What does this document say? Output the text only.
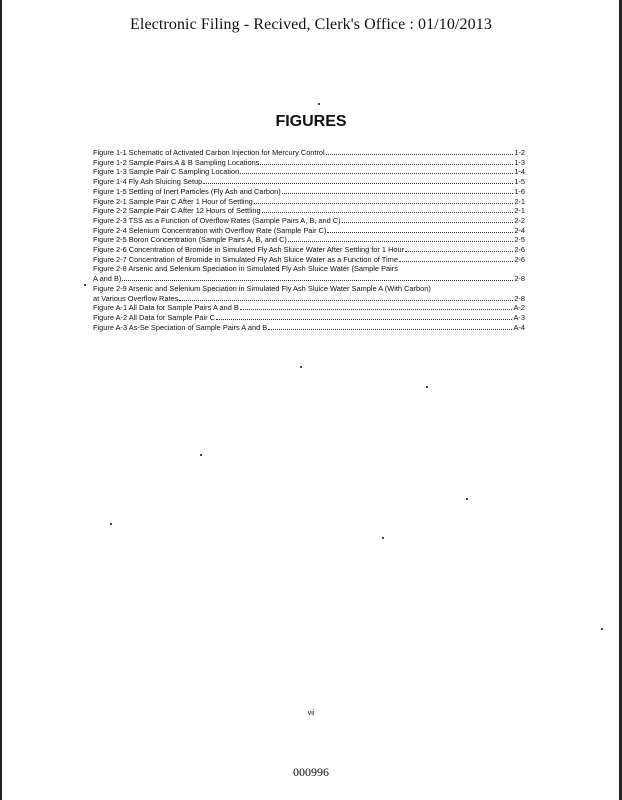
Electronic Filing - Recived, Clerk's Office : 01/10/2013
FIGURES
Figure 1-1 Schematic of Activated Carbon Injection for Mercury Control	1-2
Figure 1-2 Sample Pairs A & B Sampling Locations	1-3
Figure 1-3 Sample Pair C Sampling Location	1-4
Figure 1-4 Fly Ash Sluicing Setup	1-5
Figure 1-5 Settling of Inert Particles (Fly Ash and Carbon)	1-6
Figure 2-1 Sample Pair C After 1 Hour of Settling	2-1
Figure 2-2 Sample Pair C After 12 Hours of Settling	2-1
Figure 2-3 TSS as a Function of Overflow Rates (Sample Pairs A, B, and C)	2-2
Figure 2-4 Selenium Concentration with Overflow Rate (Sample Pair C)	2-4
Figure 2-5 Boron Concentration (Sample Pairs A, B, and C)	2-5
Figure 2-6 Concentration of Bromide in Simulated Fly Ash Sluice Water After Settling for 1 Hour	2-6
Figure 2-7 Concentration of Bromide in Simulated Fly Ash Sluice Water as a Function of Time	2-6
Figure 2-8 Arsenic and Selenium Speciation in Simulated Fly Ash Sluice Water (Sample Pairs
A and B)	2-8
Figure 2-9 Arsenic and Selenium Speciation in Simulated Fly Ash Sluice Water Sample A (With Carbon)
at Various Overflow Rates	2-8
Figure A-1 All Data for Sample Pairs A and B	A-2
Figure A-2 All Data for Sample Pair C	A-3
Figure A-3 As-Se Speciation of Sample Pairs A and B	A-4
vii
000996
